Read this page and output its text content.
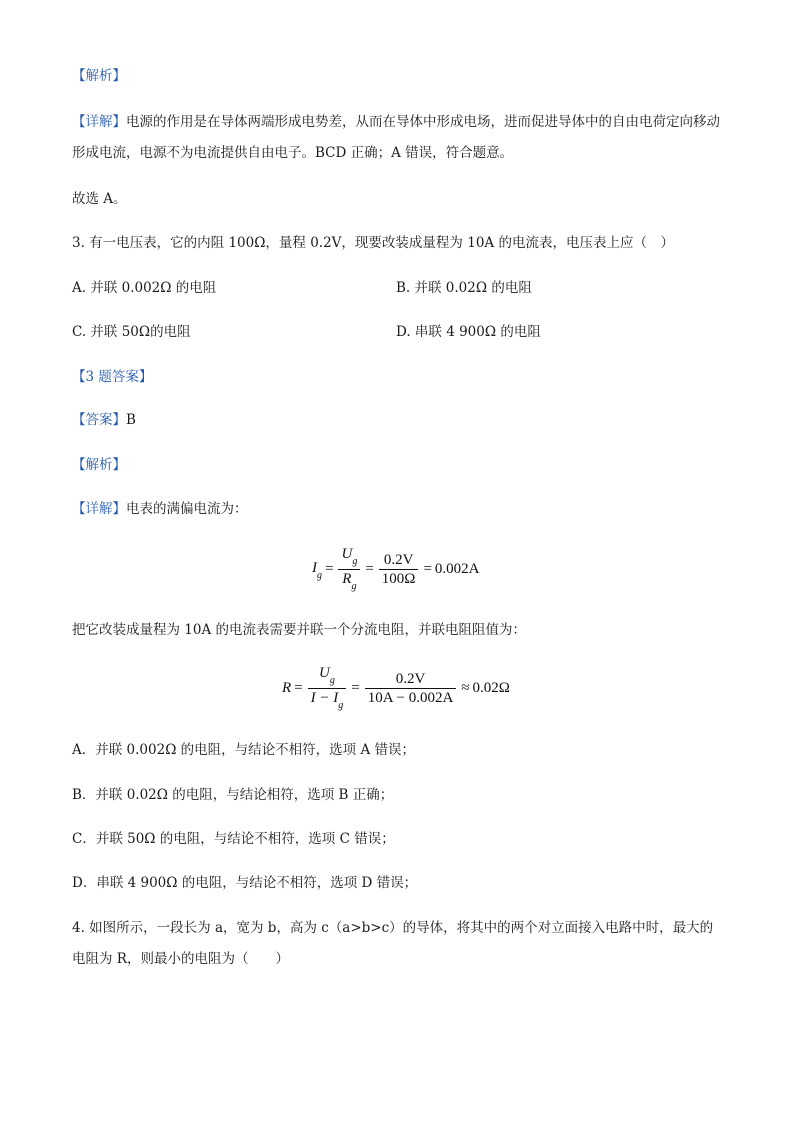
【解析】
【详解】电源的作用是在导体两端形成电势差，从而在导体中形成电场，进而促进导体中的自由电荷定向移动形成电流，电源不为电流提供自由电子。BCD 正确；A 错误，符合题意。
故选 A。
3. 有一电压表，它的内阻 100Ω，量程 0.2V，现要改装成量程为 10A 的电流表，电压表上应（　）
A. 并联 0.002Ω 的电阻	B. 并联 0.02Ω 的电阻
C. 并联 50Ω的电阻	D. 串联 4 900Ω 的电阻
【3 题答案】
【答案】B
【解析】
【详解】电表的满偏电流为：
$I_g = \frac{U_g}{R_g} = \frac{0.2V}{100\Omega} = 0.002A$
把它改装成量程为 10A 的电流表需要并联一个分流电阻，并联电阻阻值为：
$R = \frac{U_g}{I - I_g} = \frac{0.2V}{10A - 0.002A} \approx 0.02\Omega$
A．并联 0.002Ω 的电阻，与结论不相符，选项 A 错误；
B．并联 0.02Ω 的电阻，与结论相符，选项 B 正确；
C．并联 50Ω 的电阻，与结论不相符，选项 C 错误；
D．串联 4 900Ω 的电阻，与结论不相符，选项 D 错误；
4. 如图所示，一段长为 a，宽为 b，高为 c（a>b>c）的导体，将其中的两个对立面接入电路中时，最大的
电阻为 R，则最小的电阻为（　　）
